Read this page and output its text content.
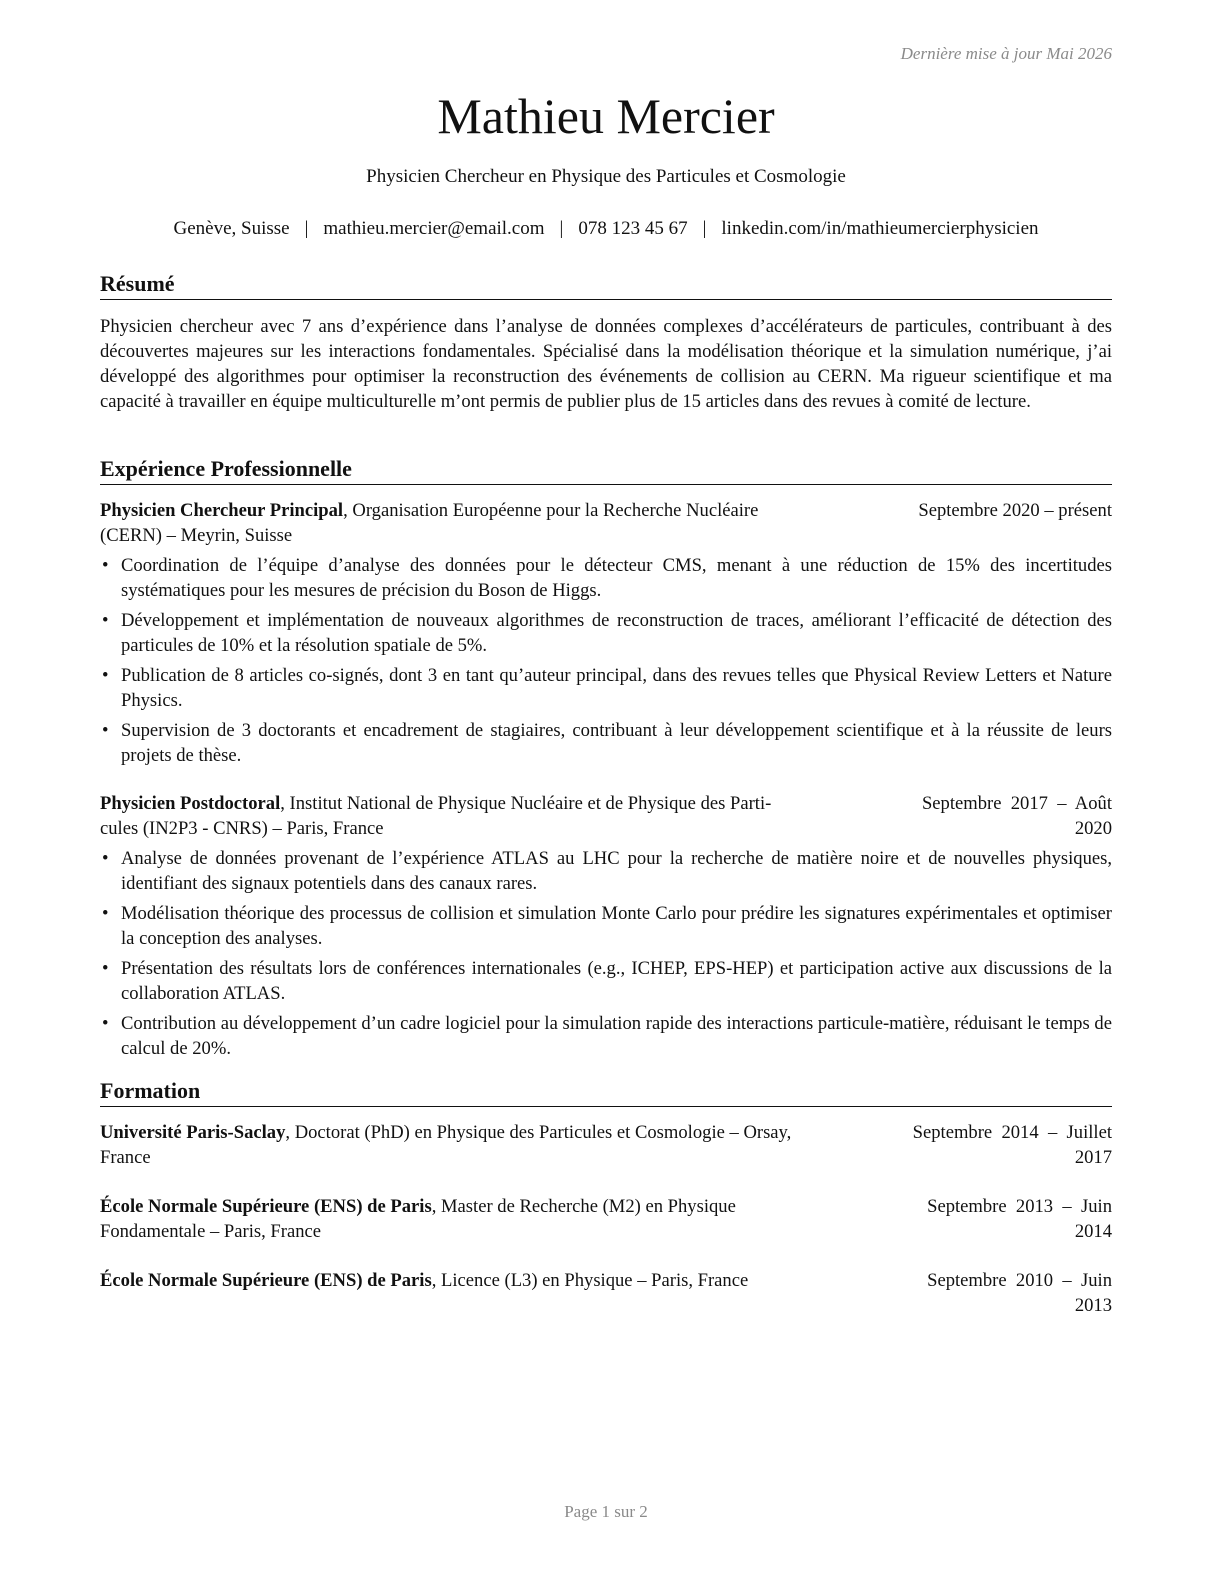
Dernière mise à jour Mai 2026
Mathieu Mercier
Physicien Chercheur en Physique des Particules et Cosmologie
Genève, Suisse | mathieu.mercier@email.com | 078 123 45 67 | linkedin.com/in/mathieumercierphysicien
Résumé
Physicien chercheur avec 7 ans d’expérience dans l’analyse de données complexes d’accélérateurs de particules, contribuant à des découvertes majeures sur les interactions fondamentales. Spécialisé dans la modélisation théorique et la simulation numérique, j’ai développé des algorithmes pour optimiser la reconstruction des événements de collision au CERN. Ma rigueur scientifique et ma capacité à travailler en équipe multiculturelle m’ont permis de publier plus de 15 articles dans des revues à comité de lecture.
Expérience Professionnelle
Physicien Chercheur Principal, Organisation Européenne pour la Recherche Nucléaire
(CERN) – Meyrin, Suisse
Septembre 2020 – présent
• Coordination de l’équipe d’analyse des données pour le détecteur CMS, menant à une réduction de 15% des incertitudes systématiques pour les mesures de précision du Boson de Higgs.
• Développement et implémentation de nouveaux algorithmes de reconstruction de traces, améliorant l’efficacité de détection des particules de 10% et la résolution spatiale de 5%.
• Publication de 8 articles co-signés, dont 3 en tant qu’auteur principal, dans des revues telles que Physical Review Letters et Nature Physics.
• Supervision de 3 doctorants et encadrement de stagiaires, contribuant à leur développement scientifique et à la réussite de leurs projets de thèse.
Physicien Postdoctoral, Institut National de Physique Nucléaire et de Physique des Parti-
cules (IN2P3 - CNRS) – Paris, France
Septembre  2017  –  Août
2020
• Analyse de données provenant de l’expérience ATLAS au LHC pour la recherche de matière noire et de nouvelles physiques, identifiant des signaux potentiels dans des canaux rares.
• Modélisation théorique des processus de collision et simulation Monte Carlo pour prédire les signatures expérimentales et optimiser la conception des analyses.
• Présentation des résultats lors de conférences internationales (e.g., ICHEP, EPS-HEP) et participation active aux discussions de la collaboration ATLAS.
• Contribution au développement d’un cadre logiciel pour la simulation rapide des interactions particule-matière, réduisant le temps de calcul de 20%.
Formation
Université Paris-Saclay, Doctorat (PhD) en Physique des Particules et Cosmologie – Orsay,
France
Septembre  2014  –  Juillet
2017
École Normale Supérieure (ENS) de Paris, Master de Recherche (M2) en Physique
Fondamentale – Paris, France
Septembre  2013  –  Juin
2014
École Normale Supérieure (ENS) de Paris, Licence (L3) en Physique – Paris, France	Septembre  2010  –  Juin
2013
Page 1 sur 2
